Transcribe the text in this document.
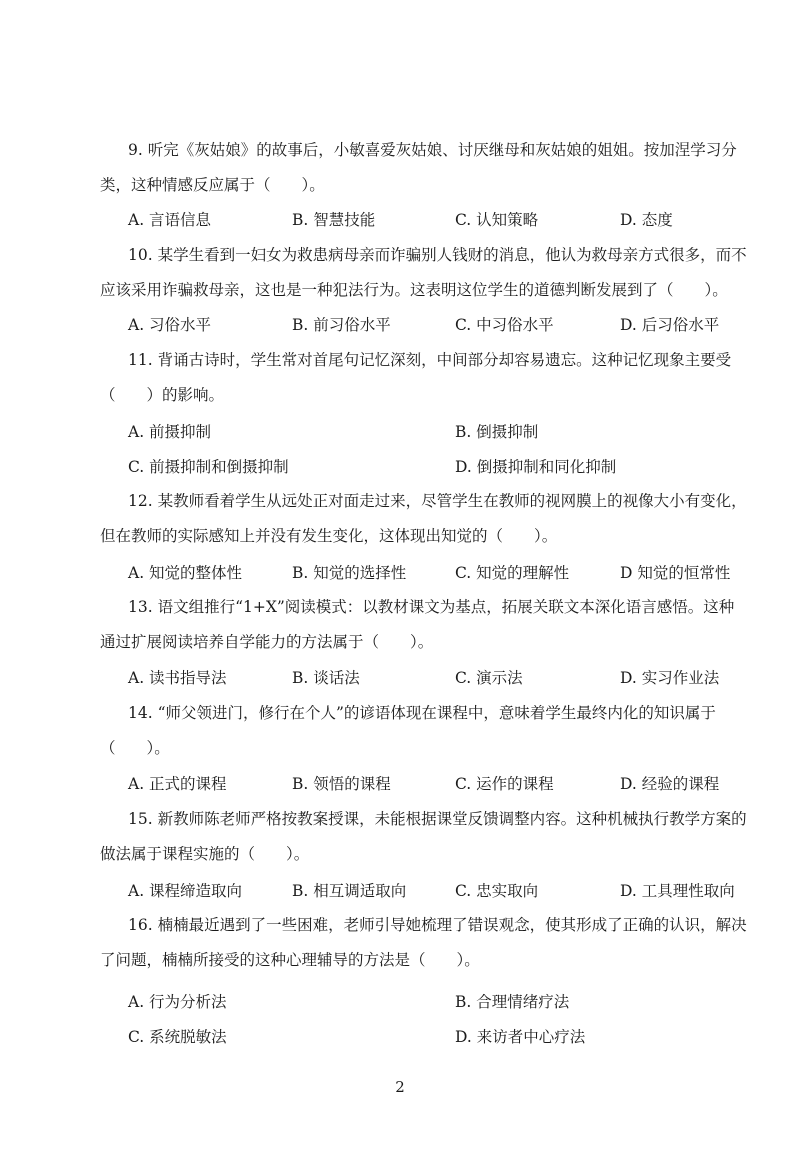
9. 听完《灰姑娘》的故事后，小敏喜爱灰姑娘、讨厌继母和灰姑娘的姐姐。按加涅学习分
类，这种情感反应属于（　　）。
A. 言语信息	B. 智慧技能	C. 认知策略	D. 态度
10. 某学生看到一妇女为救患病母亲而诈骗别人钱财的消息，他认为救母亲方式很多，而不
应该采用诈骗救母亲，这也是一种犯法行为。这表明这位学生的道德判断发展到了（　　）。
A. 习俗水平	B. 前习俗水平	C. 中习俗水平	D. 后习俗水平
11. 背诵古诗时，学生常对首尾句记忆深刻，中间部分却容易遗忘。这种记忆现象主要受
（　　）的影响。
A. 前摄抑制	B. 倒摄抑制
C. 前摄抑制和倒摄抑制	D. 倒摄抑制和同化抑制
12. 某教师看着学生从远处正对面走过来，尽管学生在教师的视网膜上的视像大小有变化，
但在教师的实际感知上并没有发生变化，这体现出知觉的（　　）。
A. 知觉的整体性	B. 知觉的选择性	C. 知觉的理解性	D 知觉的恒常性
13. 语文组推行“1+X”阅读模式：以教材课文为基点，拓展关联文本深化语言感悟。这种
通过扩展阅读培养自学能力的方法属于（　　）。
A. 读书指导法	B. 谈话法	C. 演示法	D. 实习作业法
14. “师父领进门，修行在个人”的谚语体现在课程中，意味着学生最终内化的知识属于
（　　）。
A. 正式的课程	B. 领悟的课程	C. 运作的课程	D. 经验的课程
15. 新教师陈老师严格按教案授课，未能根据课堂反馈调整内容。这种机械执行教学方案的
做法属于课程实施的（　　）。
A. 课程缔造取向	B. 相互调适取向	C. 忠实取向	D. 工具理性取向
16. 楠楠最近遇到了一些困难，老师引导她梳理了错误观念，使其形成了正确的认识，解决
了问题，楠楠所接受的这种心理辅导的方法是（　　）。
A. 行为分析法	B. 合理情绪疗法
C. 系统脱敏法	D. 来访者中心疗法
2
